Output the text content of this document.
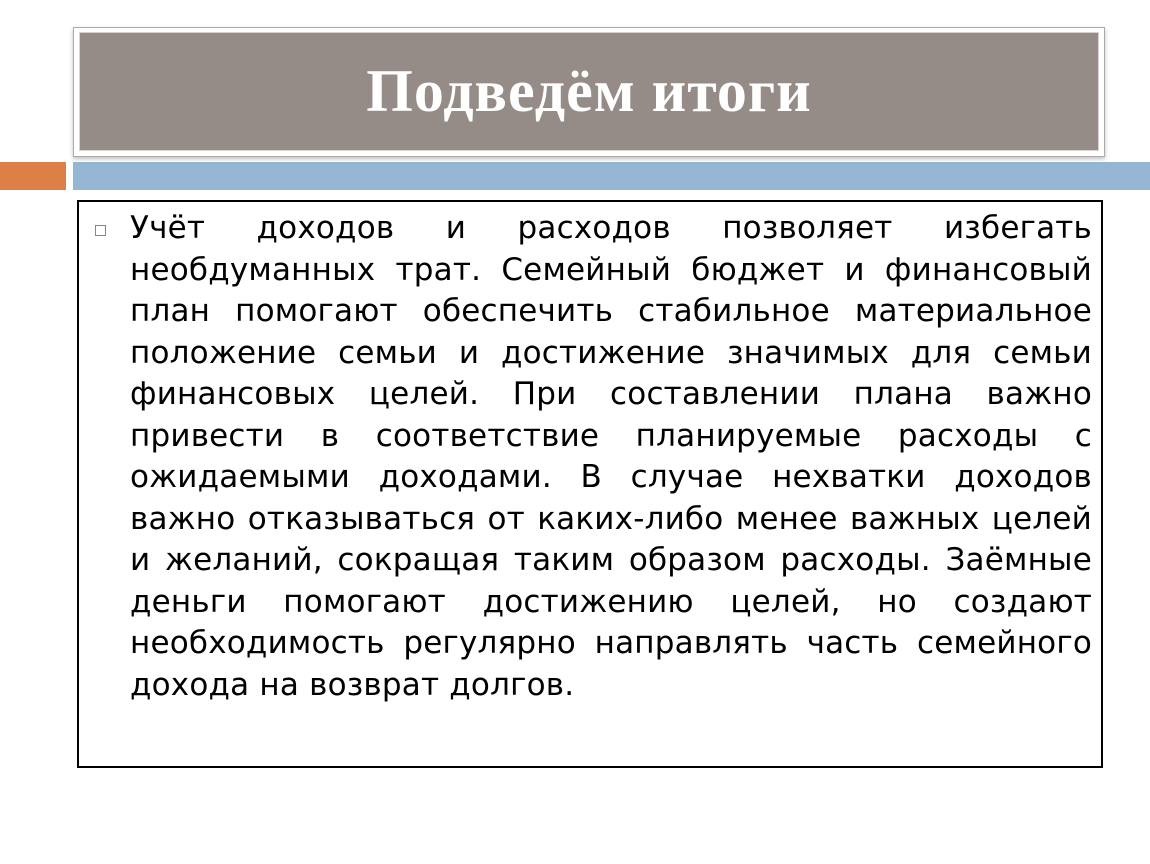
Подведём итоги

Учёт доходов и расходов позволяет избегать необдуманных трат. Семейный бюджет и финансовый план помогают обеспечить стабильное материальное положение семьи и достижение значимых для семьи финансовых целей. При составлении плана важно привести в соответствие планируемые расходы с ожидаемыми доходами. В случае нехватки доходов важно отказываться от каких-либо менее важных целей и желаний, сокращая таким образом расходы. Заёмные деньги помогают достижению целей, но создают необходимость регулярно направлять часть семейного дохода на возврат долгов.
